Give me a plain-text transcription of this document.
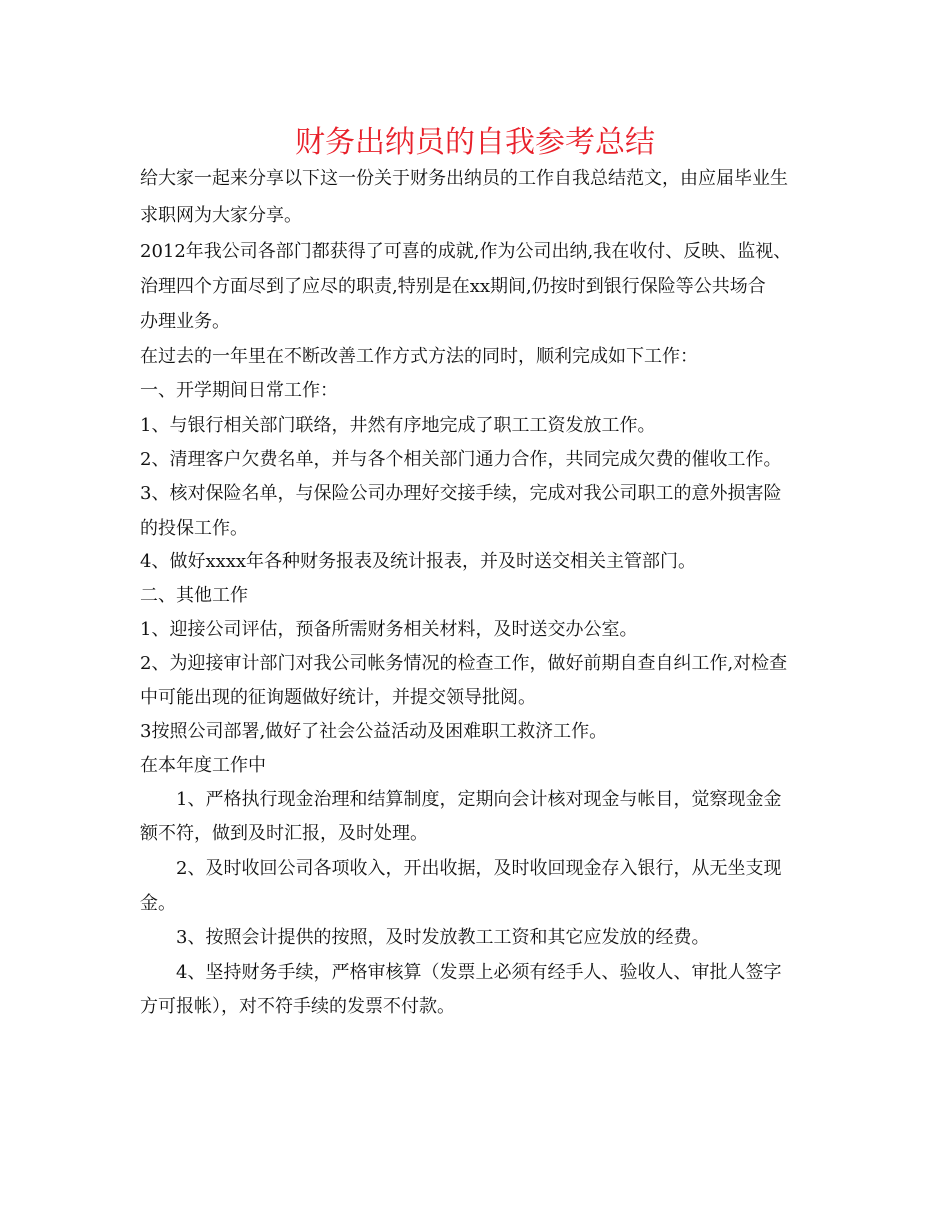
财务出纳员的自我参考总结
给大家一起来分享以下这一份关于财务出纳员的工作自我总结范文，由应届毕业生
求职网为大家分享。
2012年我公司各部门都获得了可喜的成就,作为公司出纳,我在收付、反映、监视、
治理四个方面尽到了应尽的职责,特别是在xx期间,仍按时到银行保险等公共场合
办理业务。
在过去的一年里在不断改善工作方式方法的同时，顺利完成如下工作：
一、开学期间日常工作：
1、与银行相关部门联络，井然有序地完成了职工工资发放工作。
2、清理客户欠费名单，并与各个相关部门通力合作，共同完成欠费的催收工作。
3、核对保险名单，与保险公司办理好交接手续，完成对我公司职工的意外损害险
的投保工作。
4、做好xxxx年各种财务报表及统计报表，并及时送交相关主管部门。
二、其他工作
1、迎接公司评估，预备所需财务相关材料，及时送交办公室。
2、为迎接审计部门对我公司帐务情况的检查工作，做好前期自查自纠工作,对检查
中可能出现的征询题做好统计，并提交领导批阅。
3按照公司部署,做好了社会公益活动及困难职工救济工作。
在本年度工作中
1、严格执行现金治理和结算制度，定期向会计核对现金与帐目，觉察现金金
额不符，做到及时汇报，及时处理。
2、及时收回公司各项收入，开出收据，及时收回现金存入银行，从无坐支现
金。
3、按照会计提供的按照，及时发放教工工资和其它应发放的经费。
4、坚持财务手续，严格审核算（发票上必须有经手人、验收人、审批人签字
方可报帐），对不符手续的发票不付款。
